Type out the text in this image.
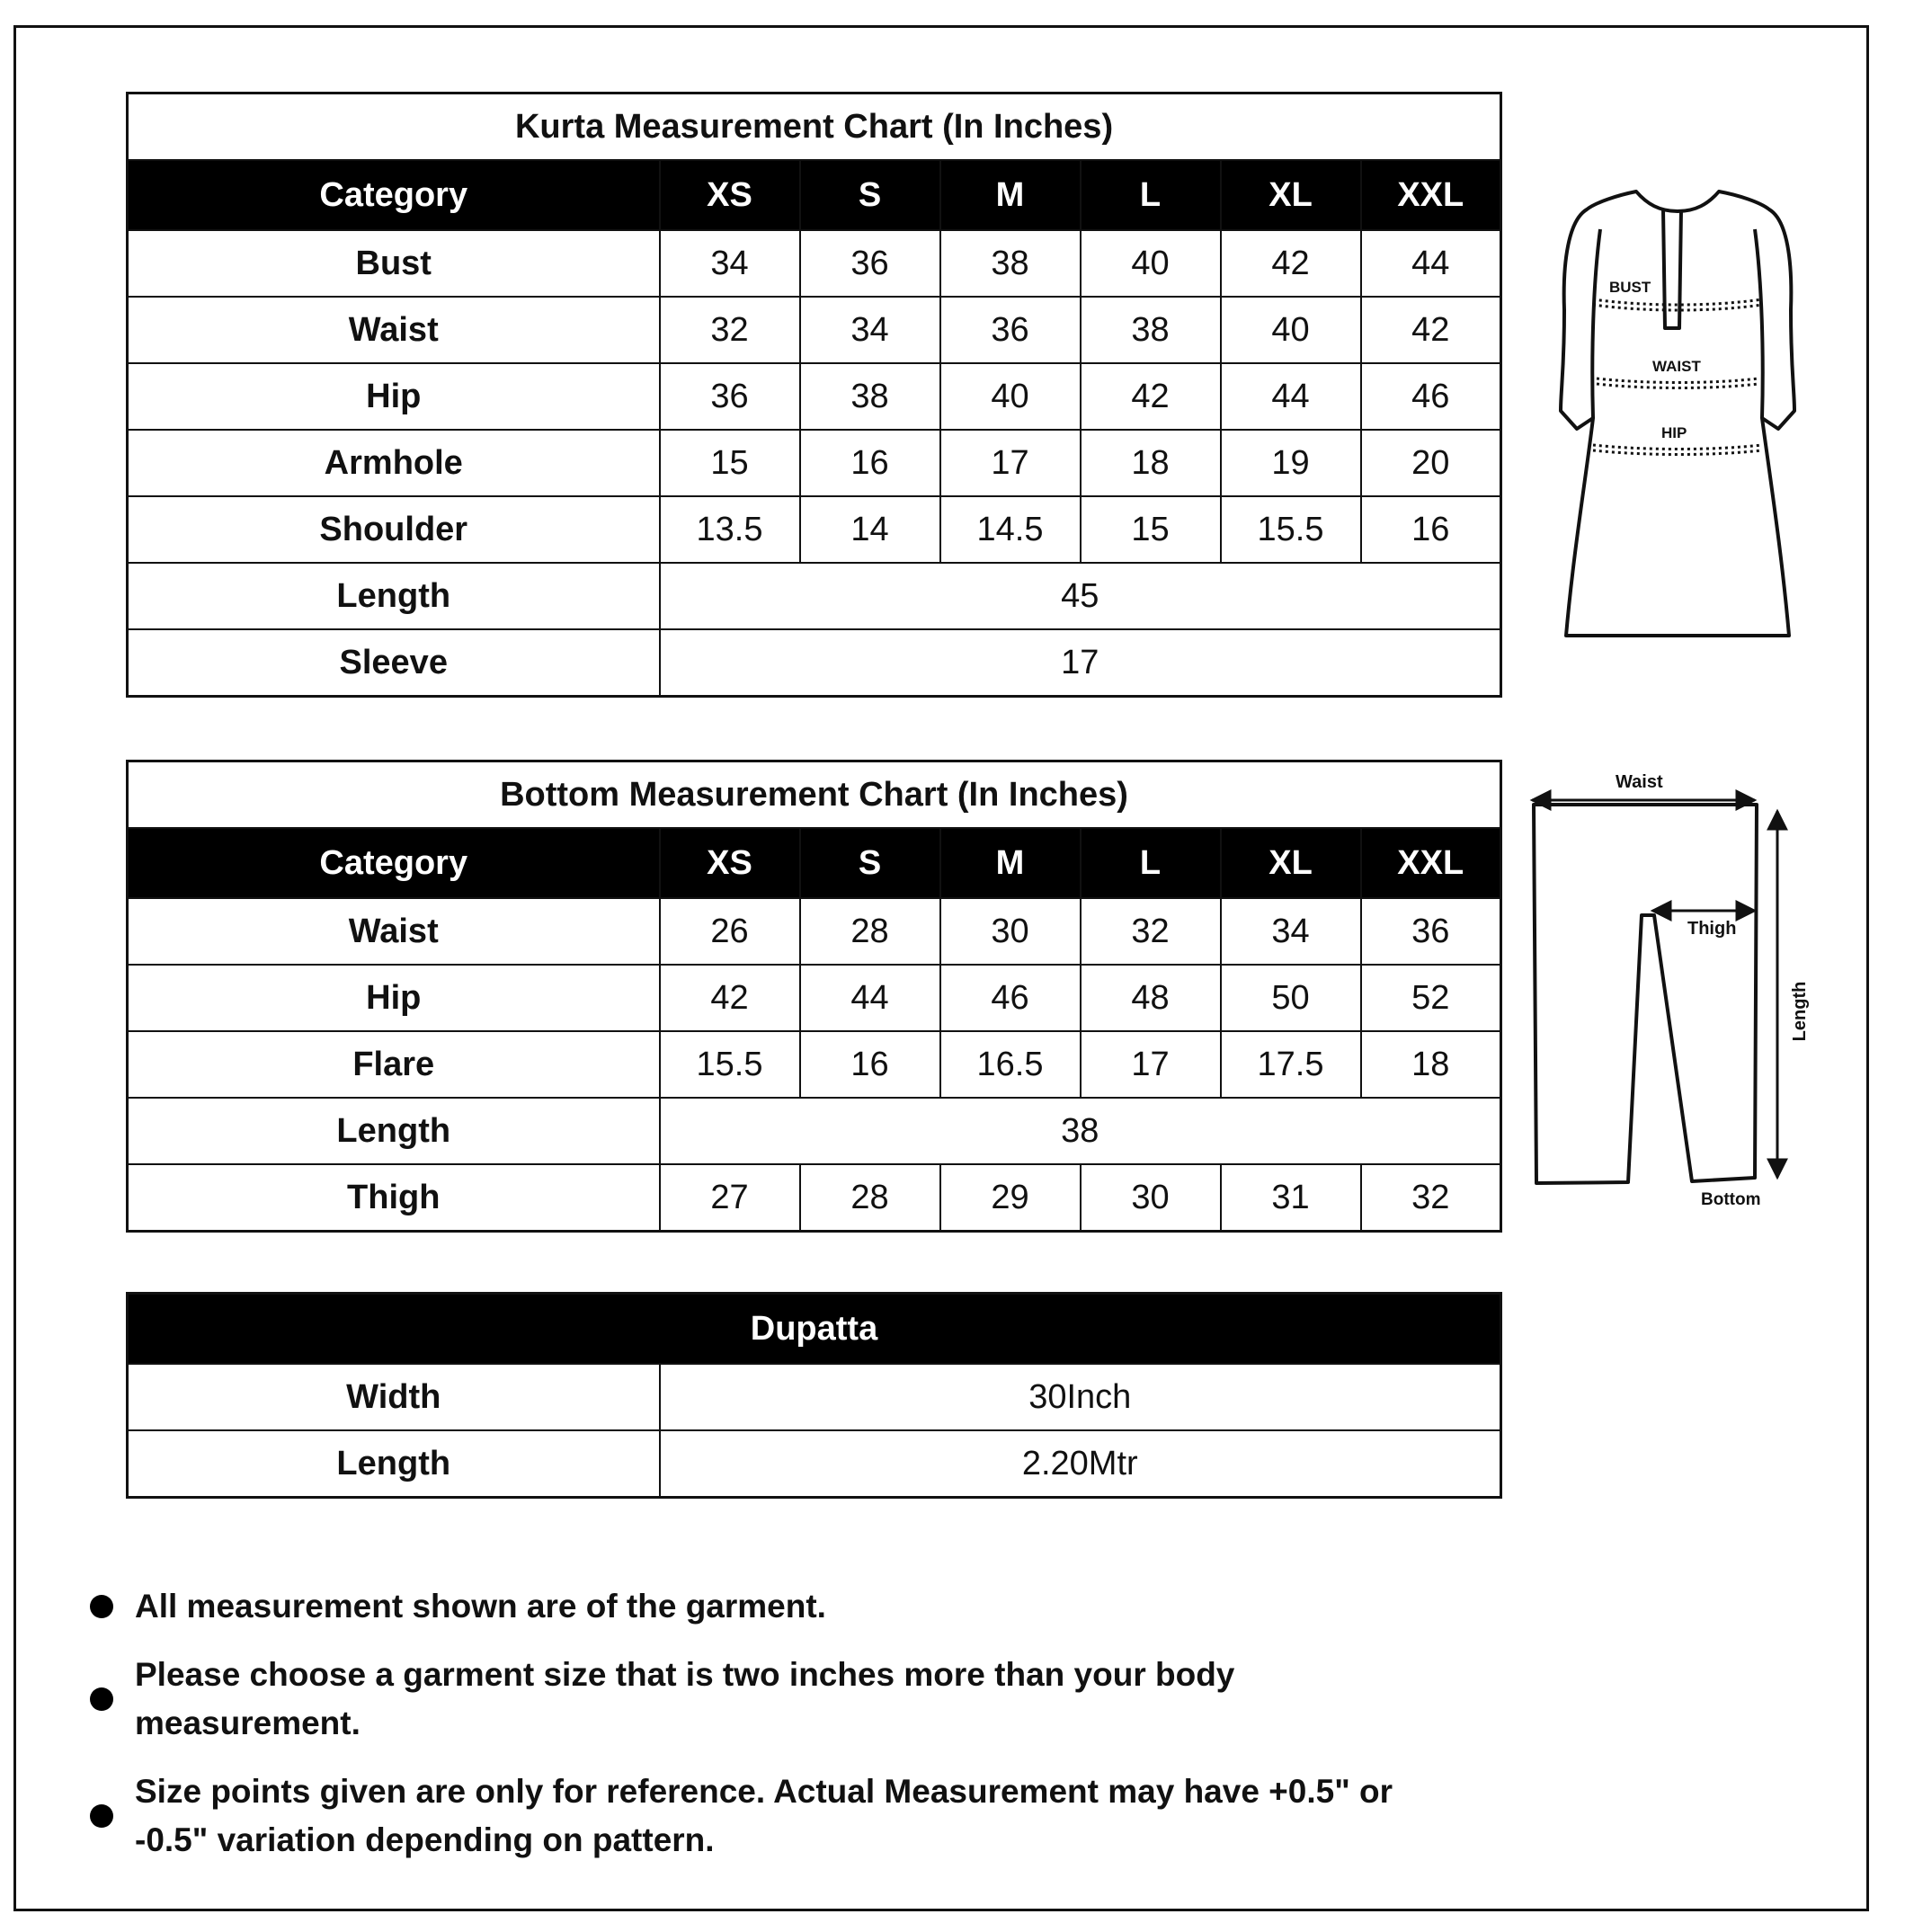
Kurta Measurement Chart (In Inches)						
Category	XS	S	M	L	XL	XXL
Bust	34	36	38	40	42	44
Waist	32	34	36	38	40	42
Hip	36	38	40	42	44	46
Armhole	15	16	17	18	19	20
Shoulder	13.5	14	14.5	15	15.5	16
Length	45					
Sleeve	17					
Bottom Measurement Chart (In Inches)						
Category	XS	S	M	L	XL	XXL
Waist	26	28	30	32	34	36
Hip	42	44	46	48	50	52
Flare	15.5	16	16.5	17	17.5	18
Length	38					
Thigh	27	28	29	30	31	32
Dupatta	
Width	30Inch
Length	2.20Mtr
BUST
WAIST
HIP
Waist
Thigh
Length
Bottom
All measurement shown are of the garment.
Please choose a garment size that is two inches more than your body measurement.
Size points given are only for reference. Actual Measurement may have +0.5" or -0.5" variation depending on pattern.
